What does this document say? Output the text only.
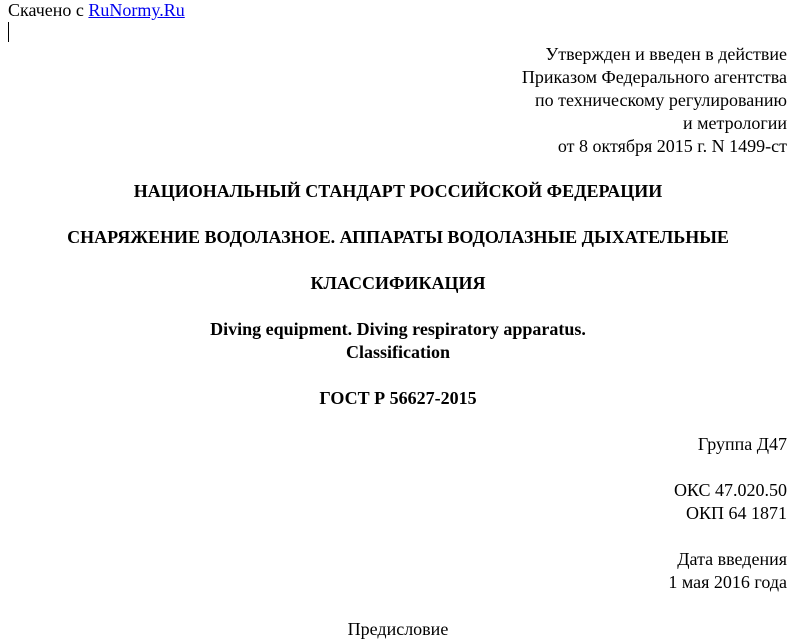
Скачено с RuNormy.Ru
Утвержден и введен в действие
Приказом Федерального агентства
по техническому регулированию
и метрологии
от 8 октября 2015 г. N 1499-ст
НАЦИОНАЛЬНЫЙ СТАНДАРТ РОССИЙСКОЙ ФЕДЕРАЦИИ
СНАРЯЖЕНИЕ ВОДОЛАЗНОЕ. АППАРАТЫ ВОДОЛАЗНЫЕ ДЫХАТЕЛЬНЫЕ
КЛАССИФИКАЦИЯ
Diving equipment. Diving respiratory apparatus.
Classification
ГОСТ Р 56627-2015
Группа Д47
ОКС 47.020.50
ОКП 64 1871
Дата введения
1 мая 2016 года
Предисловие
